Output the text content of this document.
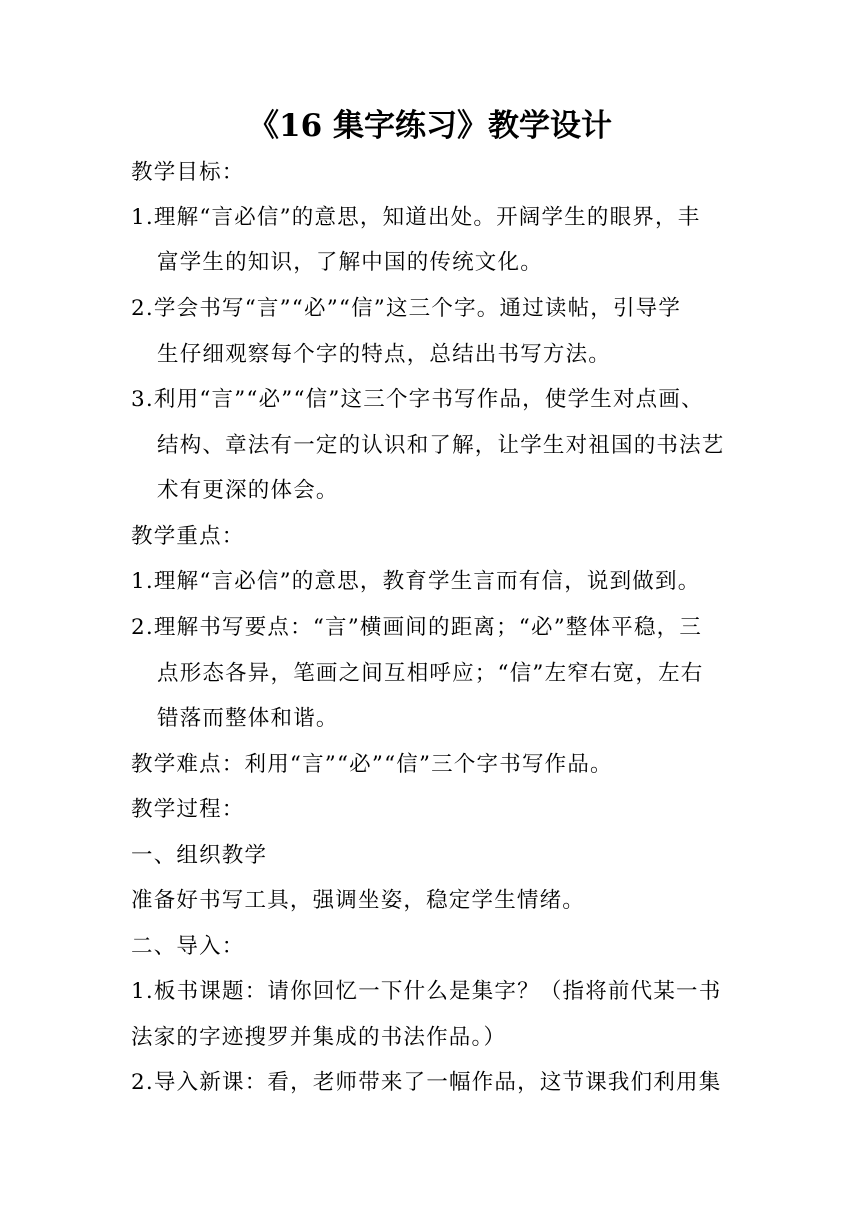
《16 集字练习》教学设计
教学目标：
1.理解“言必信”的意思，知道出处。开阔学生的眼界，丰
富学生的知识，了解中国的传统文化。
2.学会书写“言”“必”“信”这三个字。通过读帖，引导学
生仔细观察每个字的特点，总结出书写方法。
3.利用“言”“必”“信”这三个字书写作品，使学生对点画、
结构、章法有一定的认识和了解，让学生对祖国的书法艺
术有更深的体会。
教学重点：
1.理解“言必信”的意思，教育学生言而有信，说到做到。
2.理解书写要点：“言”横画间的距离；“必”整体平稳，三
点形态各异，笔画之间互相呼应；“信”左窄右宽，左右
错落而整体和谐。
教学难点：利用“言”“必”“信”三个字书写作品。
教学过程：
一、组织教学
准备好书写工具，强调坐姿，稳定学生情绪。
二、导入：
1.板书课题：请你回忆一下什么是集字？（指将前代某一书
法家的字迹搜罗并集成的书法作品。）
2.导入新课：看，老师带来了一幅作品，这节课我们利用集
